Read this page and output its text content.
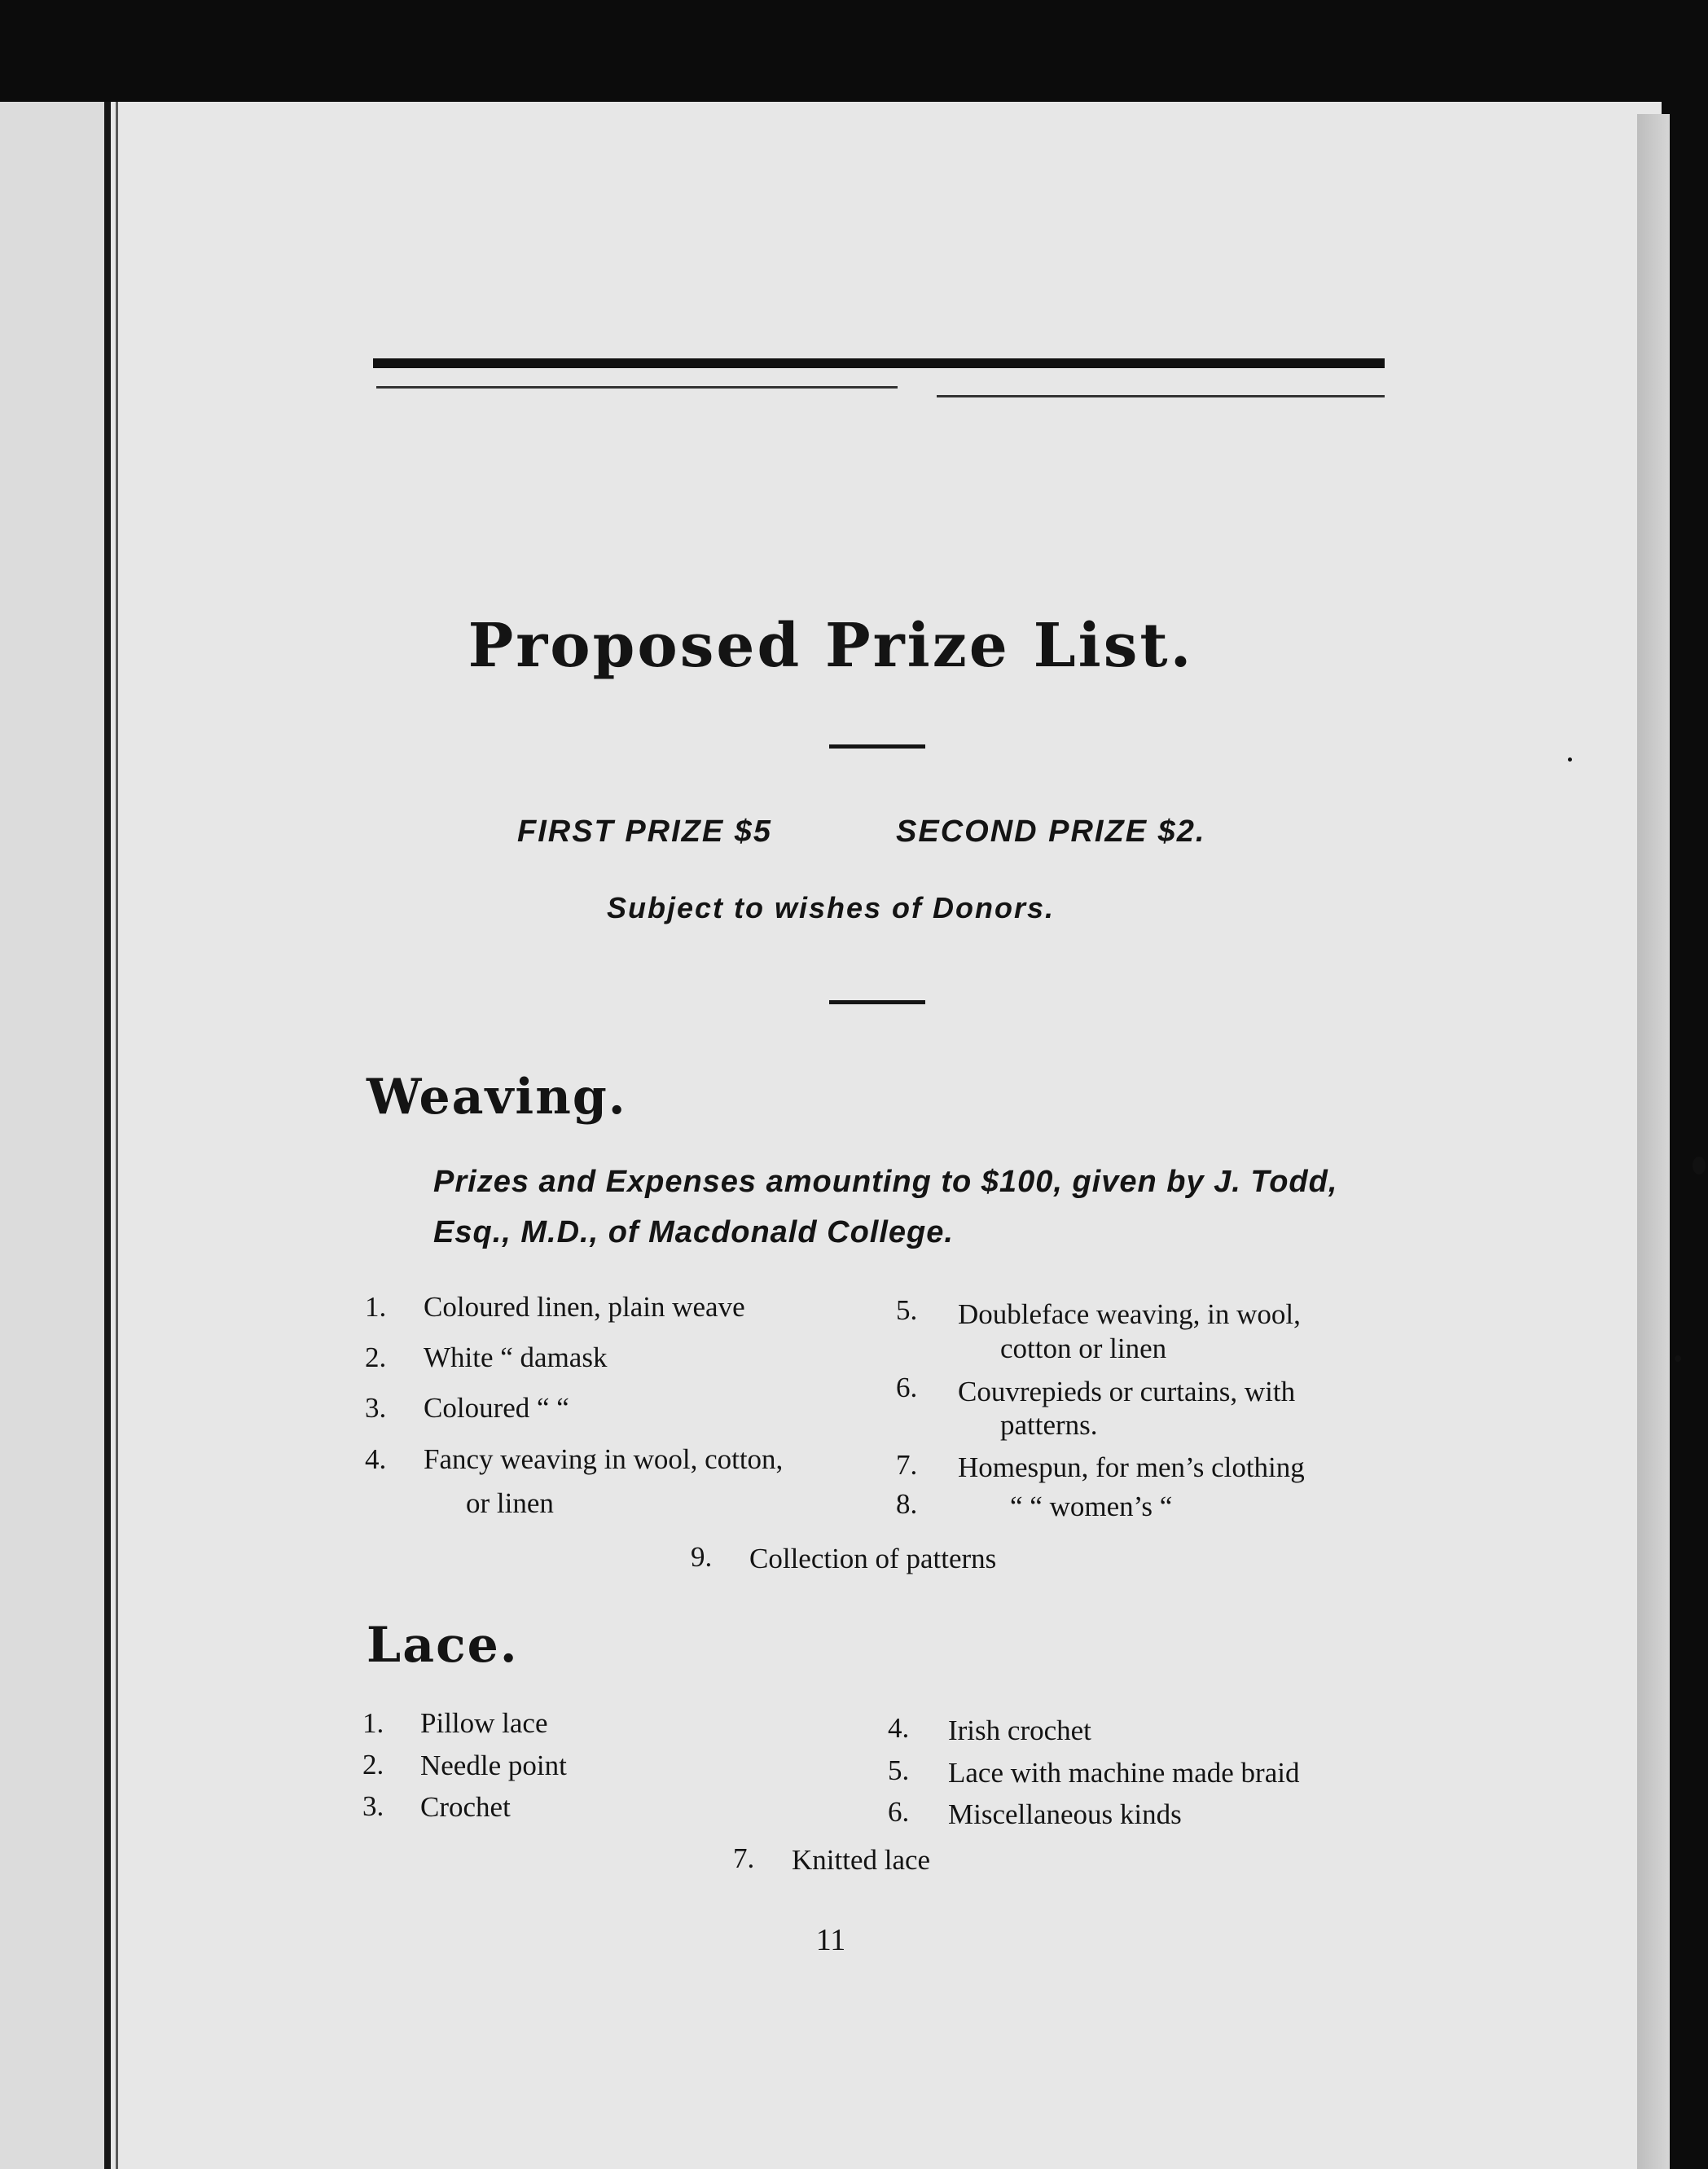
Proposed Prize List.
FIRST PRIZE $5	SECOND PRIZE $2.
Subject to wishes of Donors.
Weaving.
Prizes and Expenses amounting to $100, given by J. Todd,
Esq., M.D., of Macdonald College.
1. Coloured linen, plain weave
2. White “ damask
3. Coloured “ “
4. Fancy weaving in wool, cotton,
or linen
5. Doubleface weaving, in wool,
cotton or linen
6. Couvrepieds or curtains, with
patterns.
7. Homespun, for men’s clothing
8.	“ “ women’s “
9. Collection of patterns
Lace.
1. Pillow lace
2. Needle point
3. Crochet
4. Irish crochet
5. Lace with machine made braid
6. Miscellaneous kinds
7. Knitted lace
11
